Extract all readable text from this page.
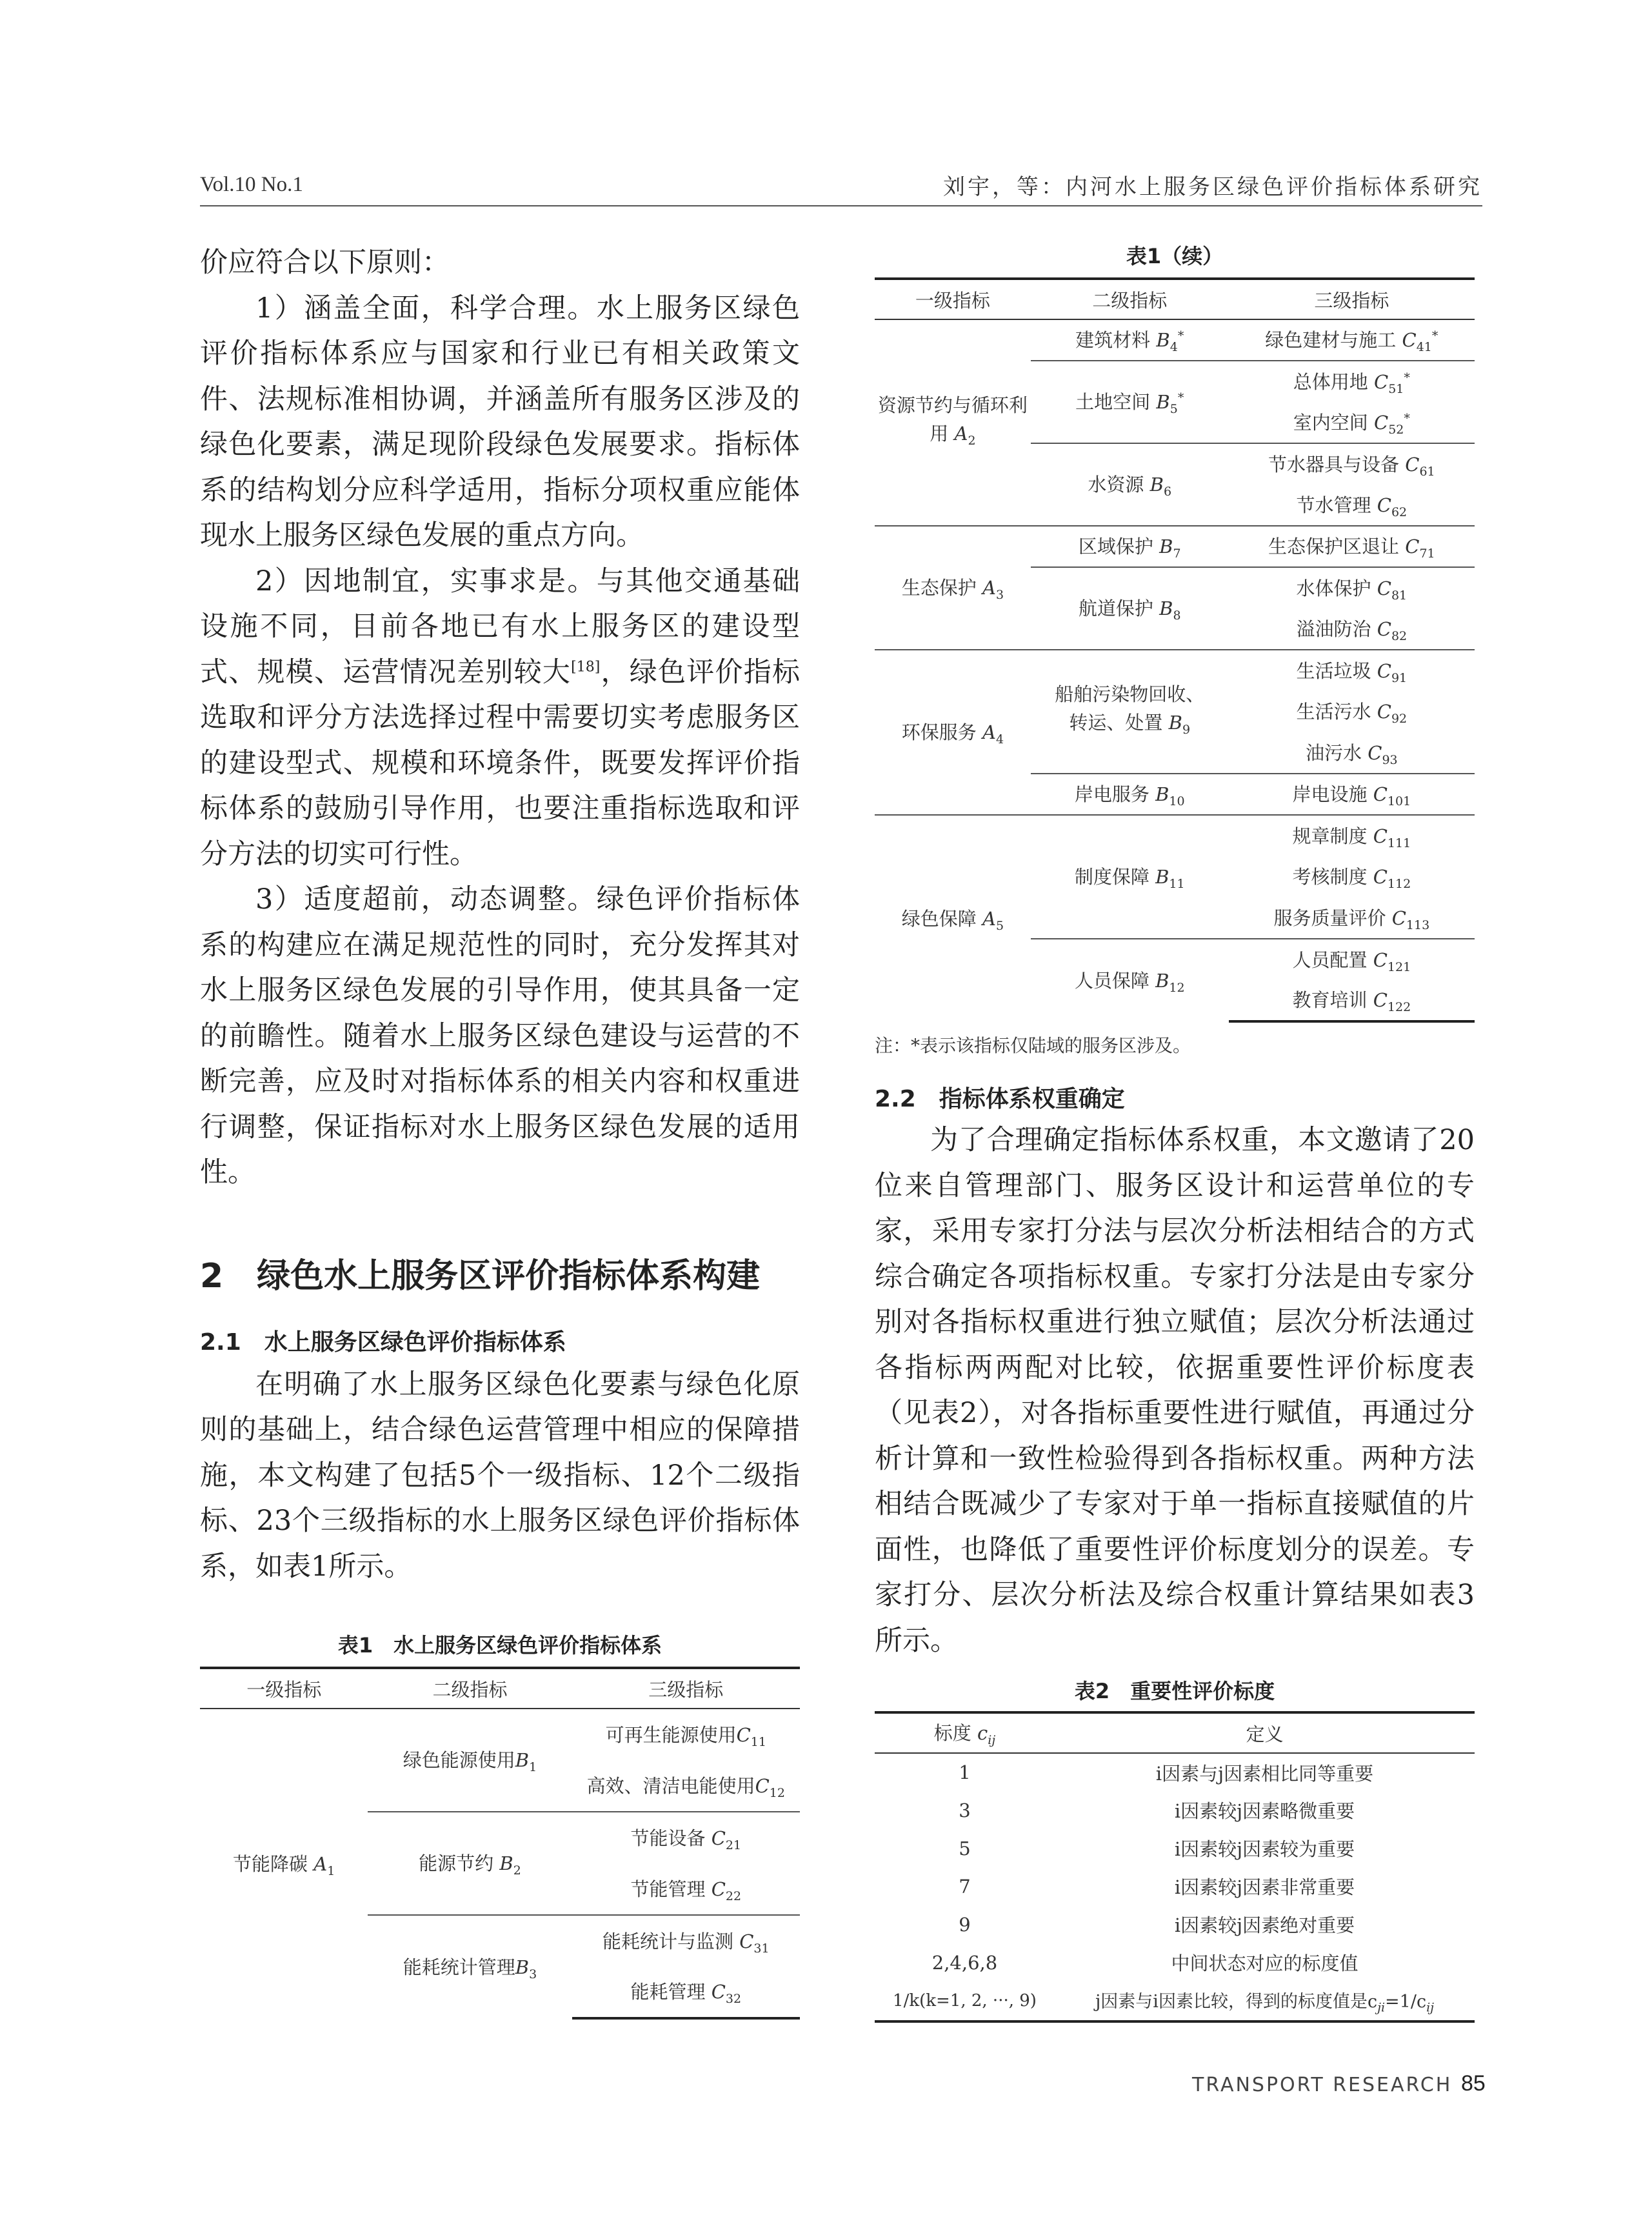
Vol.10 No.1	刘宇，等：内河水上服务区绿色评价指标体系研究

价应符合以下原则：

1）涵盖全面，科学合理。水上服务区绿色评价指标体系应与国家和行业已有相关政策文件、法规标准相协调，并涵盖所有服务区涉及的绿色化要素，满足现阶段绿色发展要求。指标体系的结构划分应科学适用，指标分项权重应能体现水上服务区绿色发展的重点方向。

2）因地制宜，实事求是。与其他交通基础设施不同，目前各地已有水上服务区的建设型式、规模、运营情况差别较大[18]，绿色评价指标选取和评分方法选择过程中需要切实考虑服务区的建设型式、规模和环境条件，既要发挥评价指标体系的鼓励引导作用，也要注重指标选取和评分方法的切实可行性。

3）适度超前，动态调整。绿色评价指标体系的构建应在满足规范性的同时，充分发挥其对水上服务区绿色发展的引导作用，使其具备一定的前瞻性。随着水上服务区绿色建设与运营的不断完善，应及时对指标体系的相关内容和权重进行调整，保证指标对水上服务区绿色发展的适用性。

2　绿色水上服务区评价指标体系构建
2.1　水上服务区绿色评价指标体系

在明确了水上服务区绿色化要素与绿色化原则的基础上，结合绿色运营管理中相应的保障措施，本文构建了包括5个一级指标、12个二级指标、23个三级指标的水上服务区绿色评价指标体系，如表1所示。

表1　水上服务区绿色评价指标体系
一级指标	二级指标	三级指标
节能降碳 $A_1$	绿色能源使用$B_1$	可再生能源使用$C_{11}$
		高效、清洁电能使用$C_{12}$
	能源节约 $B_2$	节能设备 $C_{21}$
		节能管理 $C_{22}$
	能耗统计管理$B_3$	能耗统计与监测 $C_{31}$
		能耗管理 $C_{32}$
表1（续）
一级指标	二级指标	三级指标
资源节约与循环利用 $A_2$	建筑材料 $B_4^*$	绿色建材与施工 $C_{41}^*$
	土地空间 $B_5^*$	总体用地 $C_{51}^*$
		室内空间 $C_{52}^*$
	水资源 $B_6$	节水器具与设备 $C_{61}$
		节水管理 $C_{62}$
生态保护 $A_3$	区域保护 $B_7$	生态保护区退让 $C_{71}$
	航道保护 $B_8$	水体保护 $C_{81}$
		溢油防治 $C_{82}$
环保服务 $A_4$	船舶污染物回收、
转运、处置 $B_9$	生活垃圾 $C_{91}$
		生活污水 $C_{92}$
		油污水 $C_{93}$
	岸电服务 $B_{10}$	岸电设施 $C_{101}$
绿色保障 $A_5$	制度保障 $B_{11}$	规章制度 $C_{111}$
		考核制度 $C_{112}$
		服务质量评价 $C_{113}$
	人员保障 $B_{12}$	人员配置 $C_{121}$
		教育培训 $C_{122}$
注：*表示该指标仅陆域的服务区涉及。
2.2　指标体系权重确定

为了合理确定指标体系权重，本文邀请了20位来自管理部门、服务区设计和运营单位的专家，采用专家打分法与层次分析法相结合的方式综合确定各项指标权重。专家打分法是由专家分别对各指标权重进行独立赋值；层次分析法通过各指标两两配对比较，依据重要性评价标度表（见表2），对各指标重要性进行赋值，再通过分析计算和一致性检验得到各指标权重。两种方法相结合既减少了专家对于单一指标直接赋值的片面性，也降低了重要性评价标度划分的误差。专家打分、层次分析法及综合权重计算结果如表3所示。

表2　重要性评价标度
标度 $c_{ij}$	定义
1	i因素与j因素相比同等重要
3	i因素较j因素略微重要
5	i因素较j因素较为重要
7	i因素较j因素非常重要
9	i因素较j因素绝对重要
2,4,6,8	中间状态对应的标度值
1/k(k=1, 2, ···, 9)	j因素与i因素比较，得到的标度值是$c_{ji}=1/c_{ij}$
TRANSPORT RESEARCH 85
